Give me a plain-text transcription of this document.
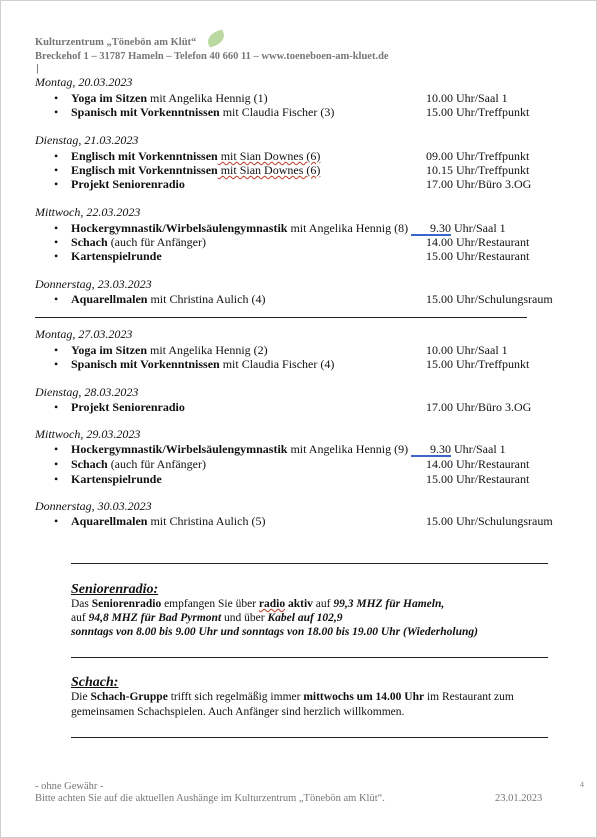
Kulturzentrum „Tönebön am Klüt“
Breckehof 1 – 31787 Hameln – Telefon 40 660 11 – www.toeneboen-am-kluet.de
|
Montag, 20.03.2023
• Yoga im Sitzen mit Angelika Hennig (1)	10.00 Uhr/Saal 1
• Spanisch mit Vorkenntnissen mit Claudia Fischer (3)	15.00 Uhr/Treffpunkt
Dienstag, 21.03.2023
• Englisch mit Vorkenntnissen mit Sian Downes (6)	09.00 Uhr/Treffpunkt
• Englisch mit Vorkenntnissen mit Sian Downes (6)	10.15 Uhr/Treffpunkt
• Projekt Seniorenradio	17.00 Uhr/Büro 3.OG
Mittwoch, 22.03.2023
• Hockergymnastik/Wirbelsäulengymnastik mit Angelika Hennig (8)	9.30 Uhr/Saal 1
• Schach (auch für Anfänger)	14.00 Uhr/Restaurant
• Kartenspielrunde	15.00 Uhr/Restaurant
Donnerstag, 23.03.2023
• Aquarellmalen mit Christina Aulich (4)	15.00 Uhr/Schulungsraum
Montag, 27.03.2023
• Yoga im Sitzen mit Angelika Hennig (2)	10.00 Uhr/Saal 1
• Spanisch mit Vorkenntnissen mit Claudia Fischer (4)	15.00 Uhr/Treffpunkt
Dienstag, 28.03.2023
• Projekt Seniorenradio	17.00 Uhr/Büro 3.OG
Mittwoch, 29.03.2023
• Hockergymnastik/Wirbelsäulengymnastik mit Angelika Hennig (9)	9.30 Uhr/Saal 1
• Schach (auch für Anfänger)	14.00 Uhr/Restaurant
• Kartenspielrunde	15.00 Uhr/Restaurant
Donnerstag, 30.03.2023
• Aquarellmalen mit Christina Aulich (5)	15.00 Uhr/Schulungsraum
Seniorenradio:
Das Seniorenradio empfangen Sie über radio aktiv auf 99,3 MHZ für Hameln,
auf 94,8 MHZ für Bad Pyrmont und über Kabel auf 102,9
sonntags von 8.00 bis 9.00 Uhr und sonntags von 18.00 bis 19.00 Uhr (Wiederholung)
Schach:
Die Schach-Gruppe trifft sich regelmäßig immer mittwochs um 14.00 Uhr im Restaurant zum
gemeinsamen Schachspielen. Auch Anfänger sind herzlich willkommen.
4
- ohne Gewähr -
Bitte achten Sie auf die aktuellen Aushänge im Kulturzentrum „Tönebön am Klüt“.	23.01.2023
